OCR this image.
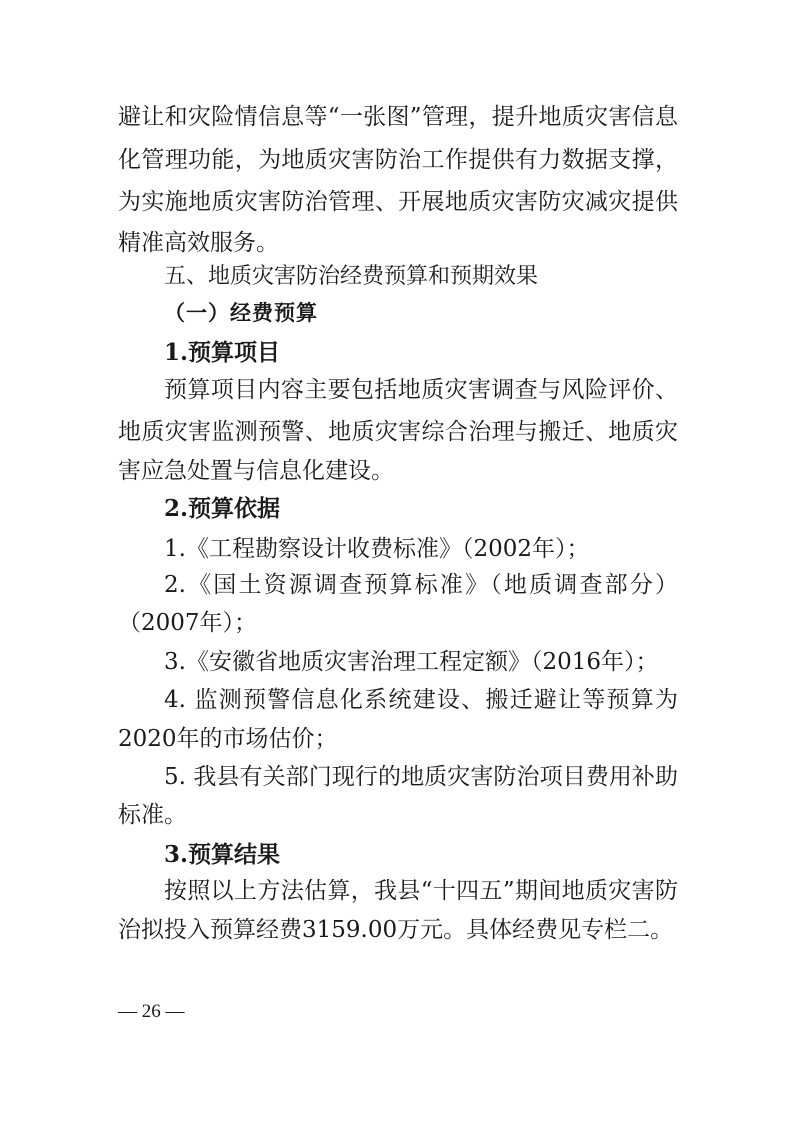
避让和灾险情信息等“一张图”管理，提升地质灾害信息
化管理功能，为地质灾害防治工作提供有力数据支撑，
为实施地质灾害防治管理、开展地质灾害防灾减灾提供
精准高效服务。
五、地质灾害防治经费预算和预期效果
（一）经费预算
1.预算项目
预算项目内容主要包括地质灾害调查与风险评价、
地质灾害监测预警、地质灾害综合治理与搬迁、地质灾
害应急处置与信息化建设。
2.预算依据
1.《工程勘察设计收费标准》（2002年）；
2.《国土资源调查预算标准》（地质调查部分）
（2007年）；
3.《安徽省地质灾害治理工程定额》（2016年）；
4. 监测预警信息化系统建设、搬迁避让等预算为
2020年的市场估价；
5. 我县有关部门现行的地质灾害防治项目费用补助
标准。
3.预算结果
按照以上方法估算，我县“十四五”期间地质灾害防
治拟投入预算经费3159.00万元。具体经费见专栏二。
— 26 —
